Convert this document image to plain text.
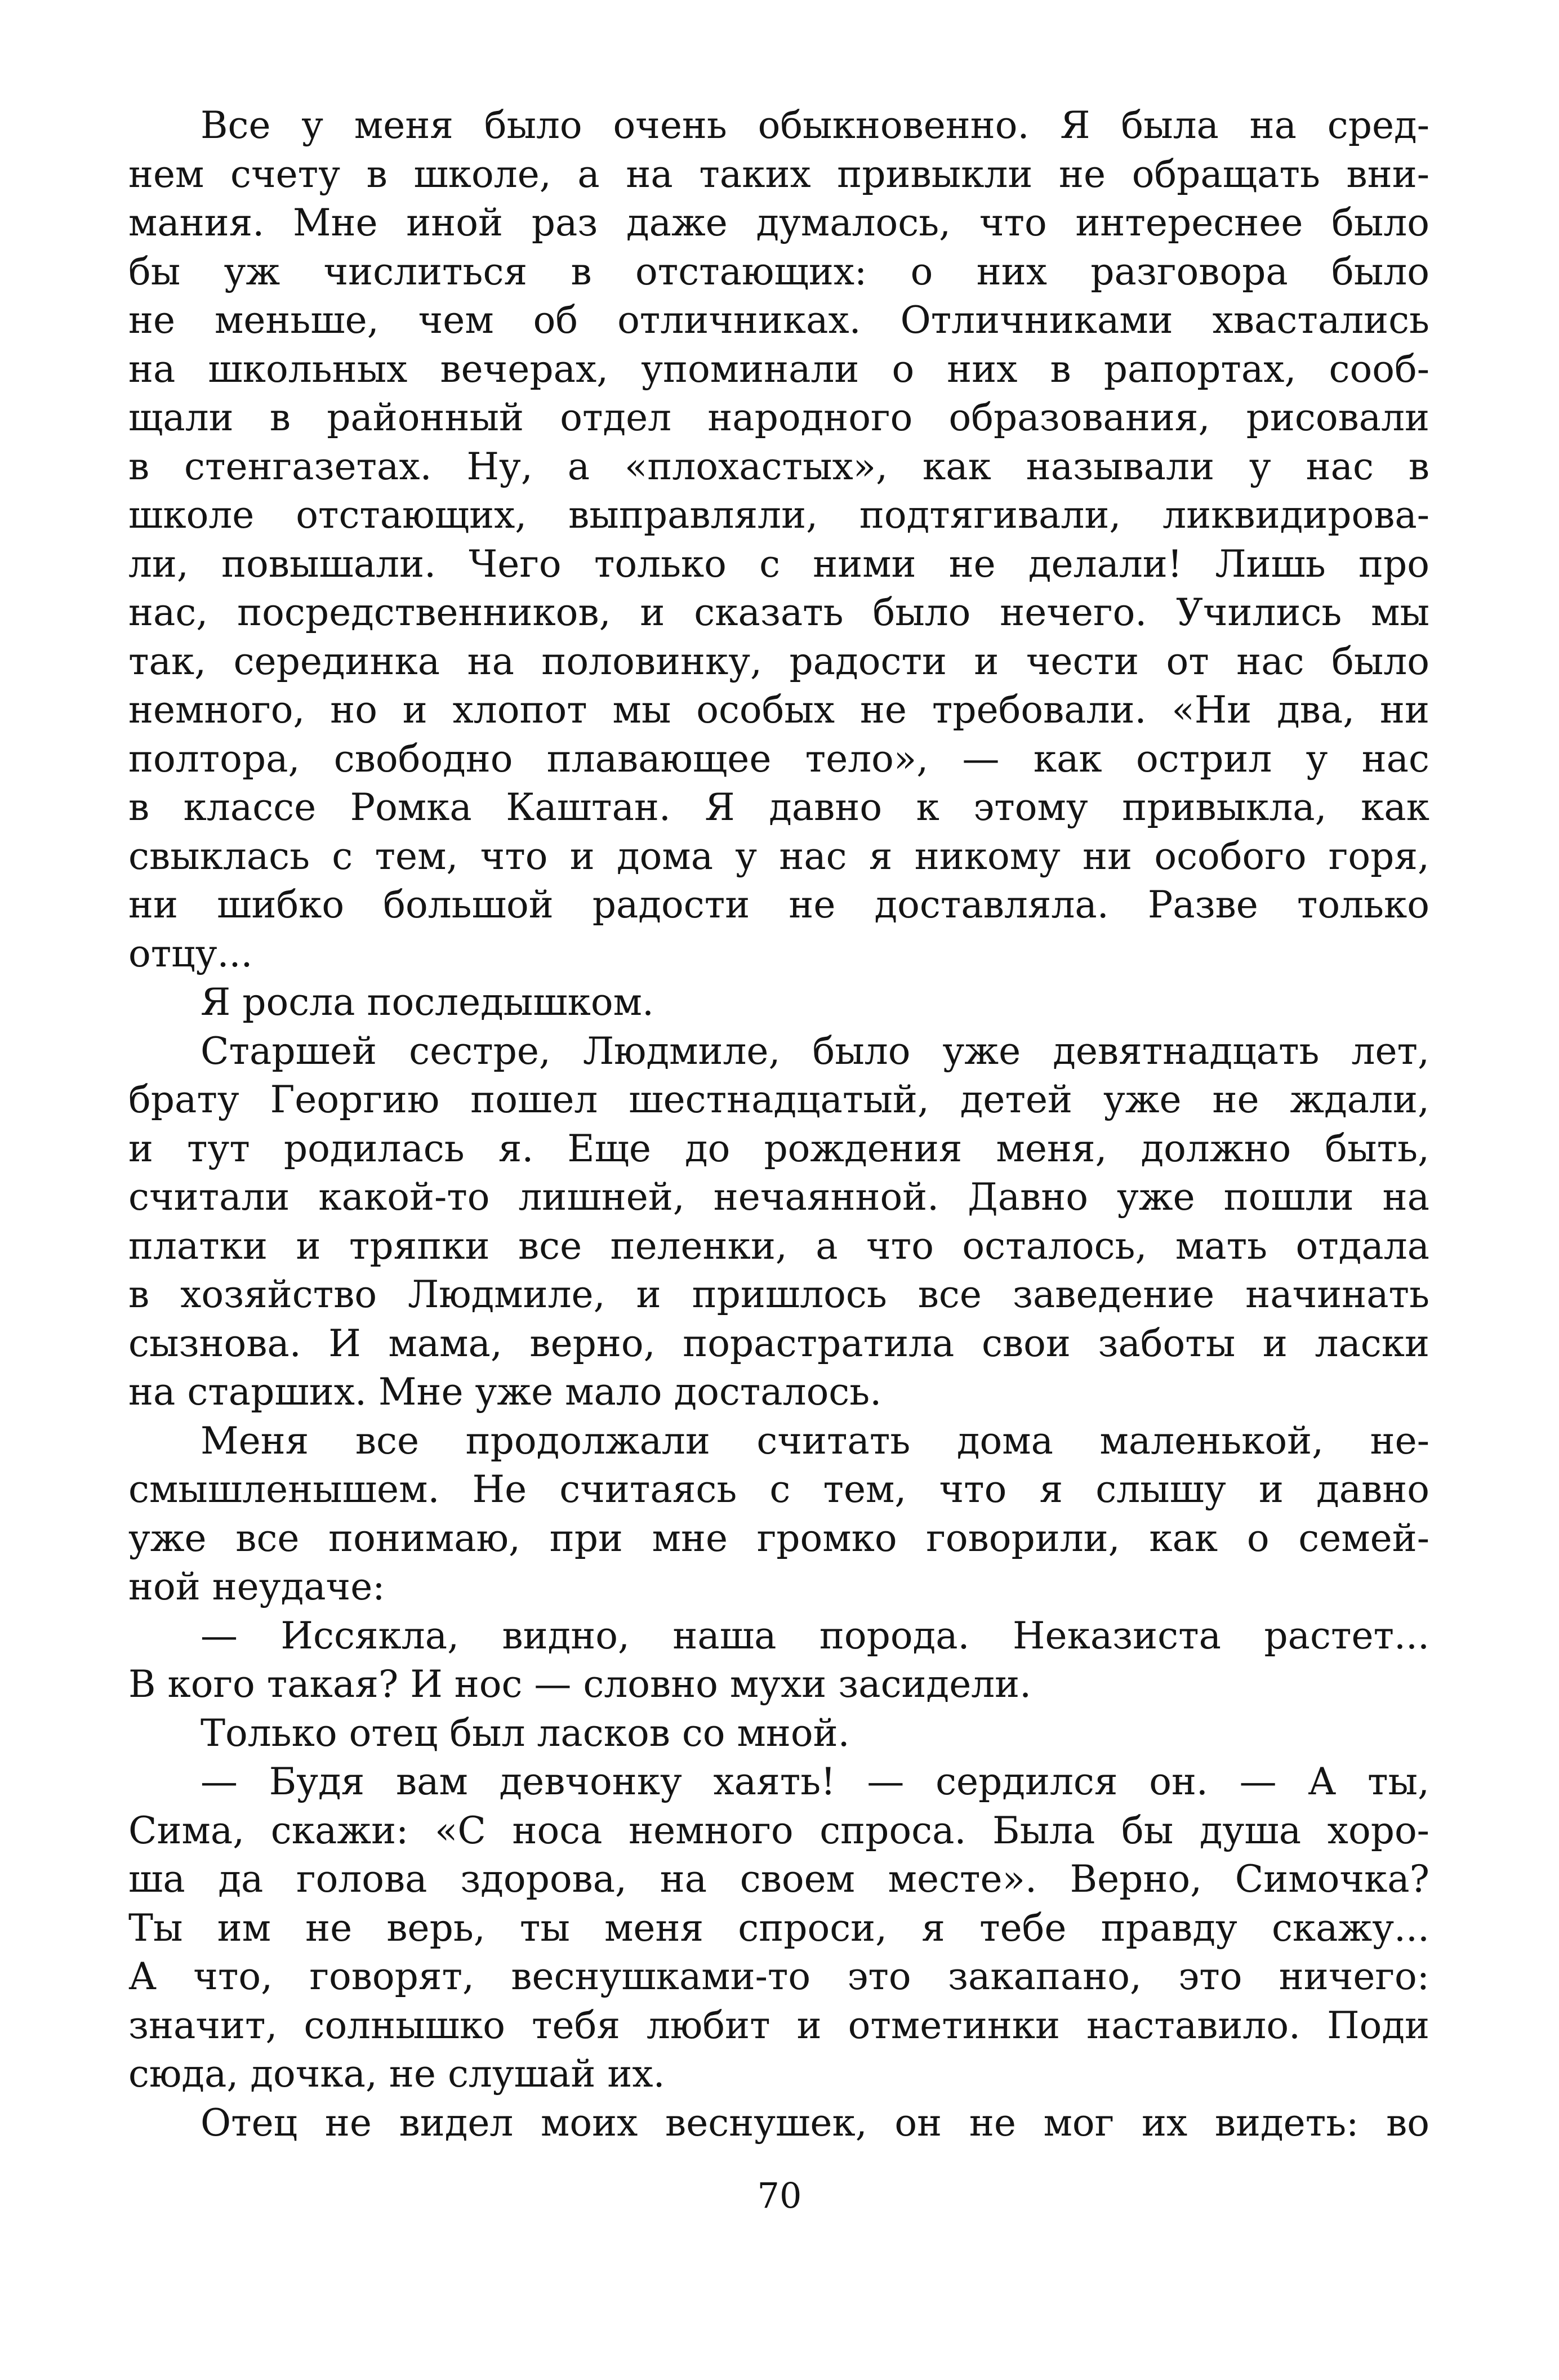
Все у меня было очень обыкновенно. Я была на сред-
нем счету в школе, а на таких привыкли не обращать вни-
мания. Мне иной раз даже думалось, что интереснее было
бы уж числиться в отстающих: о них разговора было
не меньше, чем об отличниках. Отличниками хвастались
на школьных вечерах, упоминали о них в рапортах, сооб-
щали в районный отдел народного образования, рисовали
в стенгазетах. Ну, а «плохастых», как называли у нас в
школе отстающих, выправляли, подтягивали, ликвидирова-
ли, повышали. Чего только с ними не делали! Лишь про
нас, посредственников, и сказать было нечего. Учились мы
так, серединка на половинку, радости и чести от нас было
немного, но и хлопот мы особых не требовали. «Ни два, ни
полтора, свободно плавающее тело», — как острил у нас
в классе Ромка Каштан. Я давно к этому привыкла, как
свыклась с тем, что и дома у нас я никому ни особого горя,
ни шибко большой радости не доставляла. Разве только
отцу...
Я росла последышком.
Старшей сестре, Людмиле, было уже девятнадцать лет,
брату Георгию пошел шестнадцатый, детей уже не ждали,
и тут родилась я. Еще до рождения меня, должно быть,
считали какой-то лишней, нечаянной. Давно уже пошли на
платки и тряпки все пеленки, а что осталось, мать отдала
в хозяйство Людмиле, и пришлось все заведение начинать
сызнова. И мама, верно, порастратила свои заботы и ласки
на старших. Мне уже мало досталось.
Меня все продолжали считать дома маленькой, не-
смышленышем. Не считаясь с тем, что я слышу и давно
уже все понимаю, при мне громко говорили, как о семей-
ной неудаче:
— Иссякла, видно, наша порода. Неказиста растет...
В кого такая? И нос — словно мухи засидели.
Только отец был ласков со мной.
— Будя вам девчонку хаять! — сердился он. — А ты,
Сима, скажи: «С носа немного спроса. Была бы душа хоро-
ша да голова здорова, на своем месте». Верно, Симочка?
Ты им не верь, ты меня спроси, я тебе правду скажу...
А что, говорят, веснушками-то это закапано, это ничего:
значит, солнышко тебя любит и отметинки наставило. Поди
сюда, дочка, не слушай их.
Отец не видел моих веснушек, он не мог их видеть: во
70
